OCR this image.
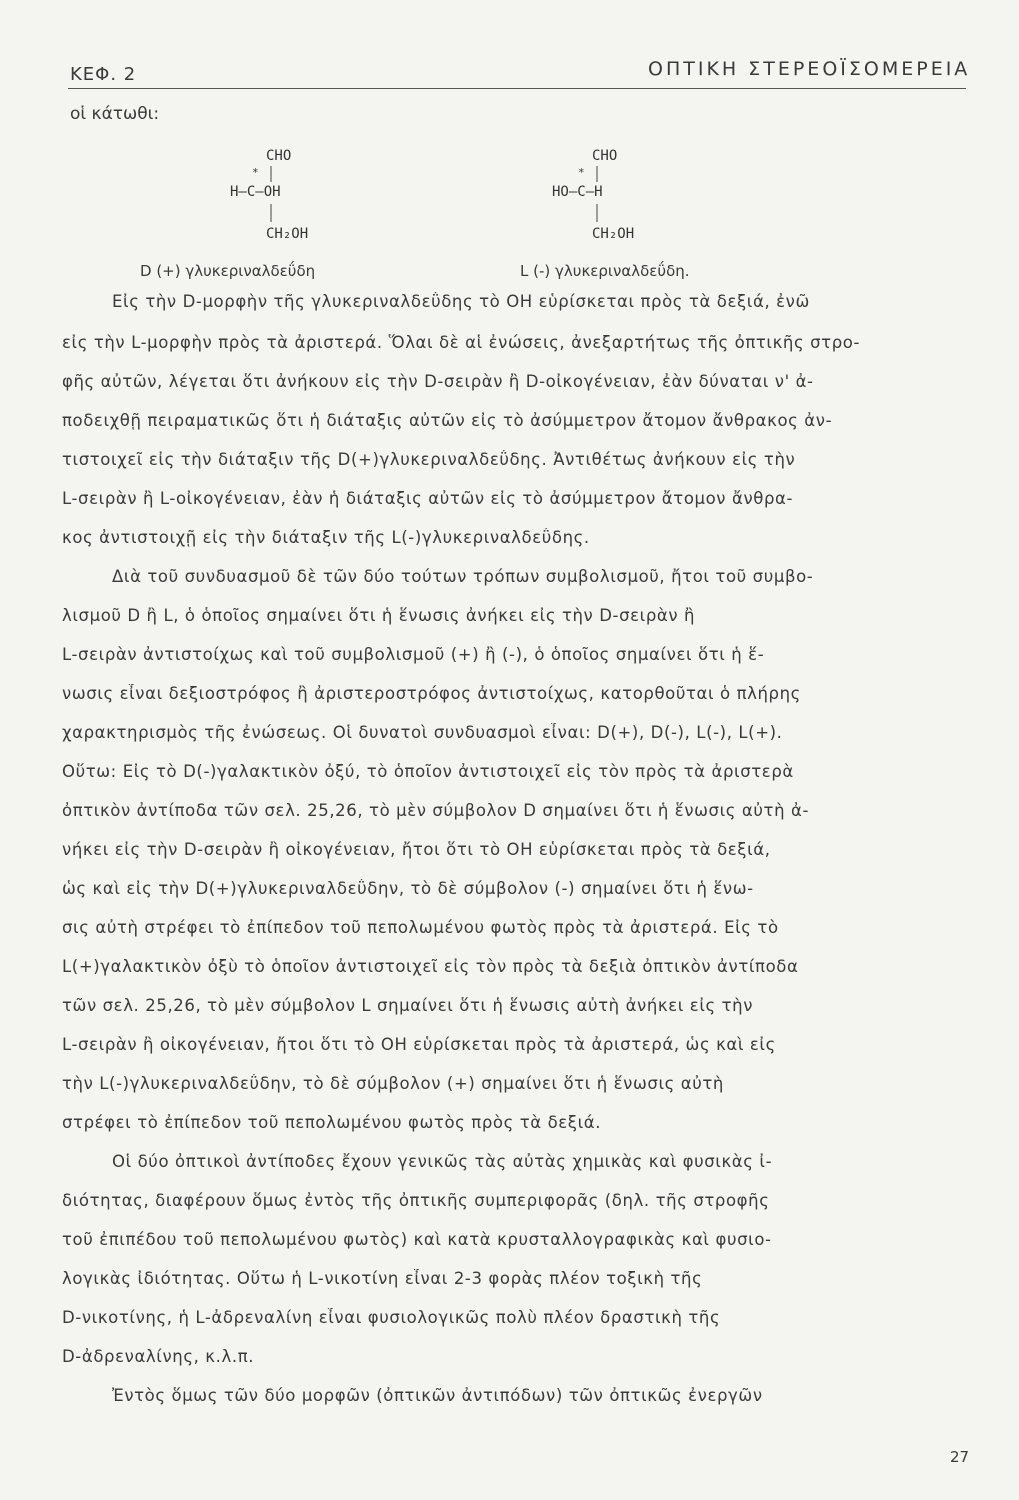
ΚΕΦ. 2	ΟΠΤΙΚΗ ΣΤΕΡΕΟΪΣΟΜΕΡΕΙΑ
οἱ κάτωθι:
CHO
*
H—C—OH
CH₂OH
D (+) γλυκεριναλδεΰδη
CHO
*
HO—C—H
CH₂OH
L (-) γλυκεριναλδεΰδη.
Εἰς τὴν D-μορφὴν τῆς γλυκεριναλδεΰδης τὸ OH εὑρίσκεται πρὸς τὰ δεξιά, ἐνῶ
εἰς τὴν L-μορφὴν πρὸς τὰ ἀριστερά. Ὅλαι δὲ αἱ ἐνώσεις, ἀνεξαρτήτως τῆς ὀπτικῆς στρο-
φῆς αὐτῶν, λέγεται ὅτι ἀνήκουν εἰς τὴν D-σειρὰν ἢ D-οἰκογένειαν, ἐὰν δύναται ν' ἀ-
ποδειχθῇ πειραματικῶς ὅτι ἡ διάταξις αὐτῶν εἰς τὸ ἀσύμμετρον ἄτομον ἄνθρακος ἀν-
τιστοιχεῖ εἰς τὴν διάταξιν τῆς D(+)γλυκεριναλδεΰδης. Ἀντιθέτως ἀνήκουν εἰς τὴν
L-σειρὰν ἢ L-οἰκογένειαν, ἐὰν ἡ διάταξις αὐτῶν εἰς τὸ ἀσύμμετρον ἄτομον ἄνθρα-
κος ἀντιστοιχῇ εἰς τὴν διάταξιν τῆς L(-)γλυκεριναλδεΰδης.
Διὰ τοῦ συνδυασμοῦ δὲ τῶν δύο τούτων τρόπων συμβολισμοῦ, ἤτοι τοῦ συμβο-
λισμοῦ D ἢ L, ὁ ὁποῖος σημαίνει ὅτι ἡ ἕνωσις ἀνήκει εἰς τὴν D-σειρὰν ἢ
L-σειρὰν ἀντιστοίχως καὶ τοῦ συμβολισμοῦ (+) ἢ (-), ὁ ὁποῖος σημαίνει ὅτι ἡ ἕ-
νωσις εἶναι δεξιοστρόφος ἢ ἀριστεροστρόφος ἀντιστοίχως, κατορθοῦται ὁ πλήρης
χαρακτηρισμὸς τῆς ἐνώσεως. Οἱ δυνατοὶ συνδυασμοὶ εἶναι: D(+), D(-), L(-), L(+).
Οὕτω: Εἰς τὸ D(-)γαλακτικὸν ὀξύ, τὸ ὁποῖον ἀντιστοιχεῖ εἰς τὸν πρὸς τὰ ἀριστερὰ
ὀπτικὸν ἀντίποδα τῶν σελ. 25,26, τὸ μὲν σύμβολον D σημαίνει ὅτι ἡ ἕνωσις αὐτὴ ἀ-
νήκει εἰς τὴν D-σειρὰν ἢ οἰκογένειαν, ἤτοι ὅτι τὸ OH εὑρίσκεται πρὸς τὰ δεξιά,
ὡς καὶ εἰς τὴν D(+)γλυκεριναλδεΰδην, τὸ δὲ σύμβολον (-) σημαίνει ὅτι ἡ ἕνω-
σις αὐτὴ στρέφει τὸ ἐπίπεδον τοῦ πεπολωμένου φωτὸς πρὸς τὰ ἀριστερά. Εἰς τὸ
L(+)γαλακτικὸν ὀξὺ τὸ ὁποῖον ἀντιστοιχεῖ εἰς τὸν πρὸς τὰ δεξιὰ ὀπτικὸν ἀντίποδα
τῶν σελ. 25,26, τὸ μὲν σύμβολον L σημαίνει ὅτι ἡ ἕνωσις αὐτὴ ἀνήκει εἰς τὴν
L-σειρὰν ἢ οἰκογένειαν, ἤτοι ὅτι τὸ OH εὑρίσκεται πρὸς τὰ ἀριστερά, ὡς καὶ εἰς
τὴν L(-)γλυκεριναλδεΰδην, τὸ δὲ σύμβολον (+) σημαίνει ὅτι ἡ ἕνωσις αὐτὴ
στρέφει τὸ ἐπίπεδον τοῦ πεπολωμένου φωτὸς πρὸς τὰ δεξιά.
Οἱ δύο ὀπτικοὶ ἀντίποδες ἔχουν γενικῶς τὰς αὐτὰς χημικὰς καὶ φυσικὰς ἰ-
διότητας, διαφέρουν ὅμως ἐντὸς τῆς ὀπτικῆς συμπεριφορᾶς (δηλ. τῆς στροφῆς
τοῦ ἐπιπέδου τοῦ πεπολωμένου φωτὸς) καὶ κατὰ κρυσταλλογραφικὰς καὶ φυσιο-
λογικὰς ἰδιότητας. Οὕτω ἡ L-νικοτίνη εἶναι 2-3 φορὰς πλέον τοξικὴ τῆς
D-νικοτίνης, ἡ L-ἀδρεναλίνη εἶναι φυσιολογικῶς πολὺ πλέον δραστικὴ τῆς
D-ἀδρεναλίνης, κ.λ.π.
Ἐντὸς ὅμως τῶν δύο μορφῶν (ὀπτικῶν ἀντιπόδων) τῶν ὀπτικῶς ἐνεργῶν
27
